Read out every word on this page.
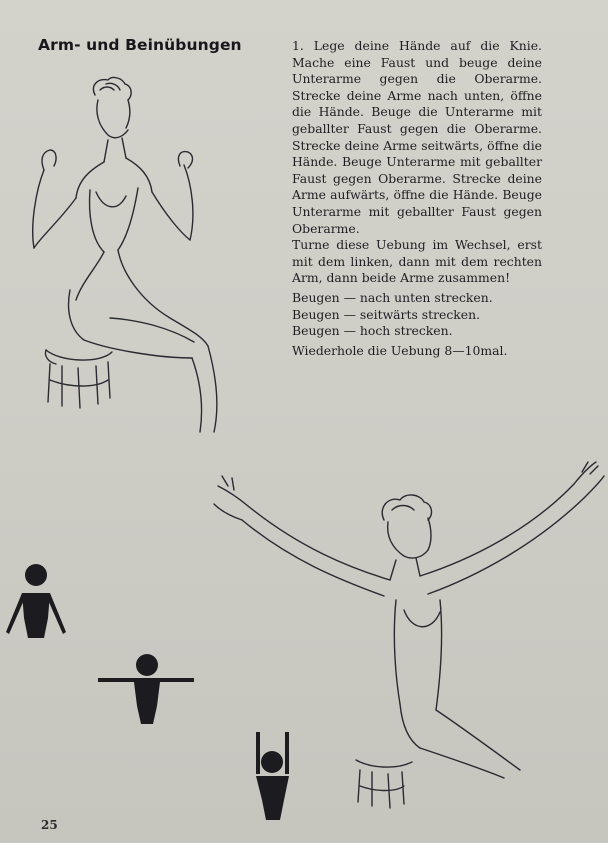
Arm- und Beinübungen	1. Lege deine Hände auf die Knie. Mache eine Faust und beuge deine Unterarme gegen die Oberarme. Strecke deine Arme nach unten, öffne die Hände. Beuge die Unterarme mit geballter Faust gegen die Oberarme. Strecke deine Arme seitwärts, öffne die Hände. Beuge Unterarme mit geballter Faust gegen Oberarme. Strecke deine Arme aufwärts, öffne die Hände. Beuge Unterarme mit geballter Faust gegen Oberarme.

Turne diese Uebung im Wechsel, erst mit dem linken, dann mit dem rechten Arm, dann beide Arme zusammen!

Beugen — nach unten strecken.
Beugen — seitwärts strecken.
Beugen — hoch strecken.
Wiederhole die Uebung 8—10mal.
25
